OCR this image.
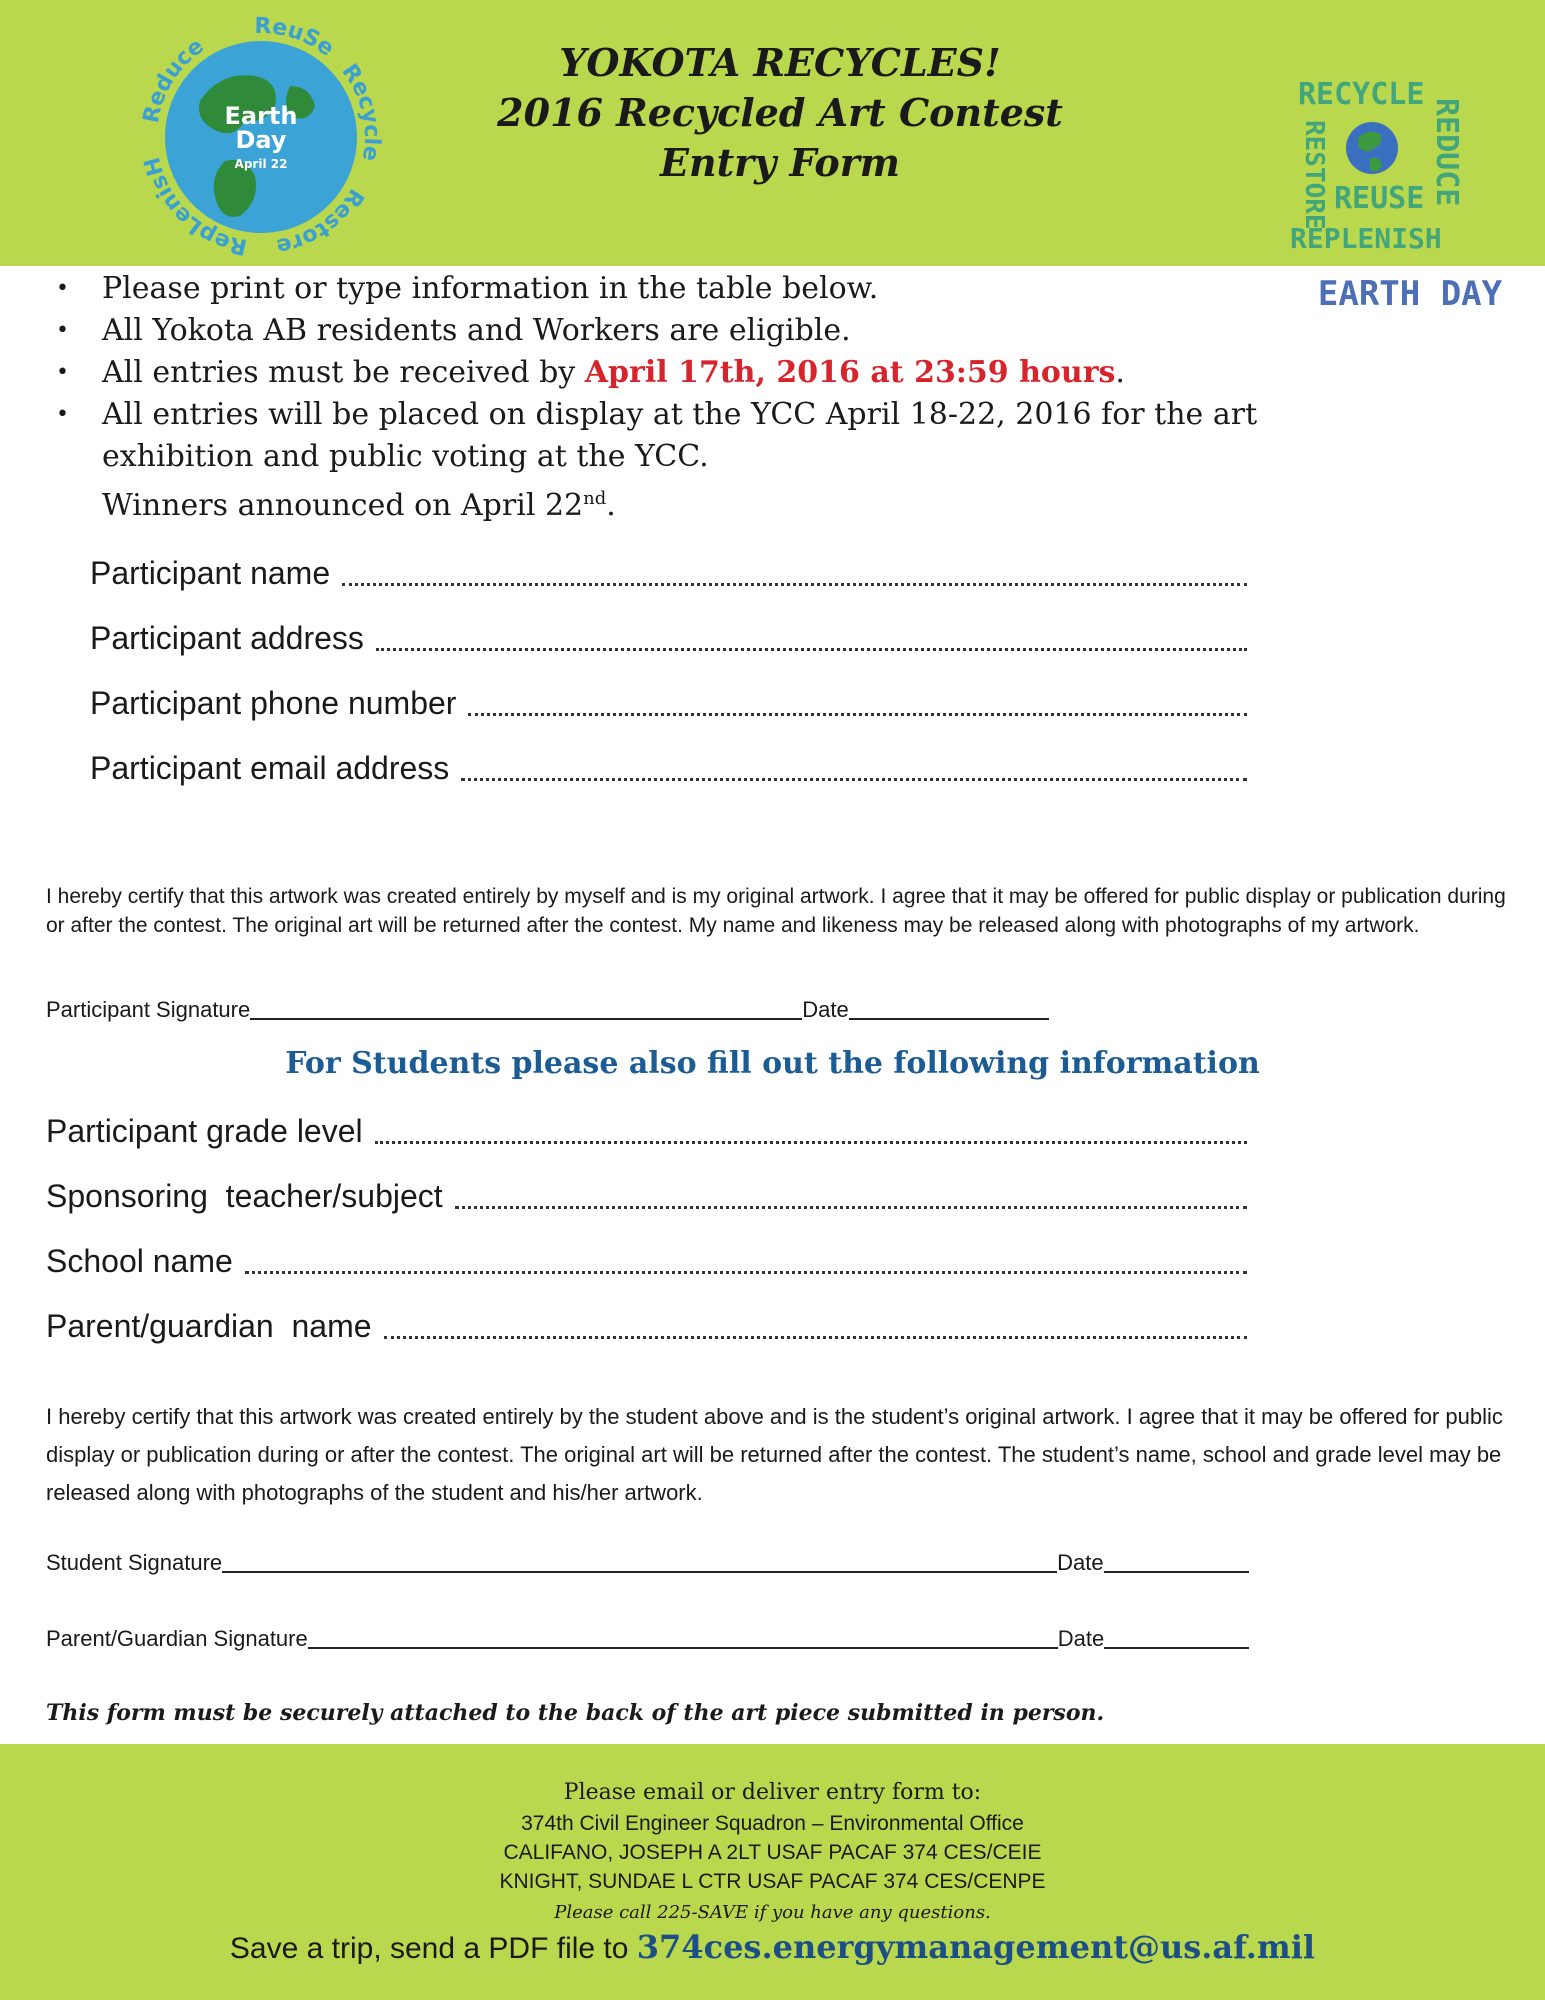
Earth
Day
April 22
Reduce
ReuSe
Recycle
Restore
RepLenisH
YOKOTA RECYCLES!
2016 Recycled Art Contest
Entry Form
RECYCLE
REDUCE
RESTORE REUSE
REPLENISH
EARTH DAY
• Please print or type information in the table below.
• All Yokota AB residents and Workers are eligible.
• All entries must be received by April 17th, 2016 at 23:59 hours.
• All entries will be placed on display at the YCC April 18-22, 2016 for the art exhibition and public voting at the YCC.
Winners announced on April 22nd.
Participant name
Participant address
Participant phone number
Participant email address
I hereby certify that this artwork was created entirely by myself and is my original artwork. I agree that it may be offered for public display or publication during or after the contest. The original art will be returned after the contest. My name and likeness may be released along with photographs of my artwork.
Participant Signature	Date
For Students please also fill out the following information
Participant grade level
Sponsoring  teacher/subject
School name
Parent/guardian  name
I hereby certify that this artwork was created entirely by the student above and is the student’s original artwork. I agree that it may be offered for public display or publication during or after the contest. The original art will be returned after the contest. The student’s name, school and grade level may be released along with photographs of the student and his/her artwork.
Student Signature	Date
Parent/Guardian Signature	Date
This form must be securely attached to the back of the art piece submitted in person.
Please email or deliver entry form to:
374th Civil Engineer Squadron – Environmental Office
CALIFANO, JOSEPH A 2LT USAF PACAF 374 CES/CEIE
KNIGHT, SUNDAE L CTR USAF PACAF 374 CES/CENPE
Please call 225-SAVE if you have any questions.
Save a trip, send a PDF file to 374ces.energymanagement@us.af.mil
